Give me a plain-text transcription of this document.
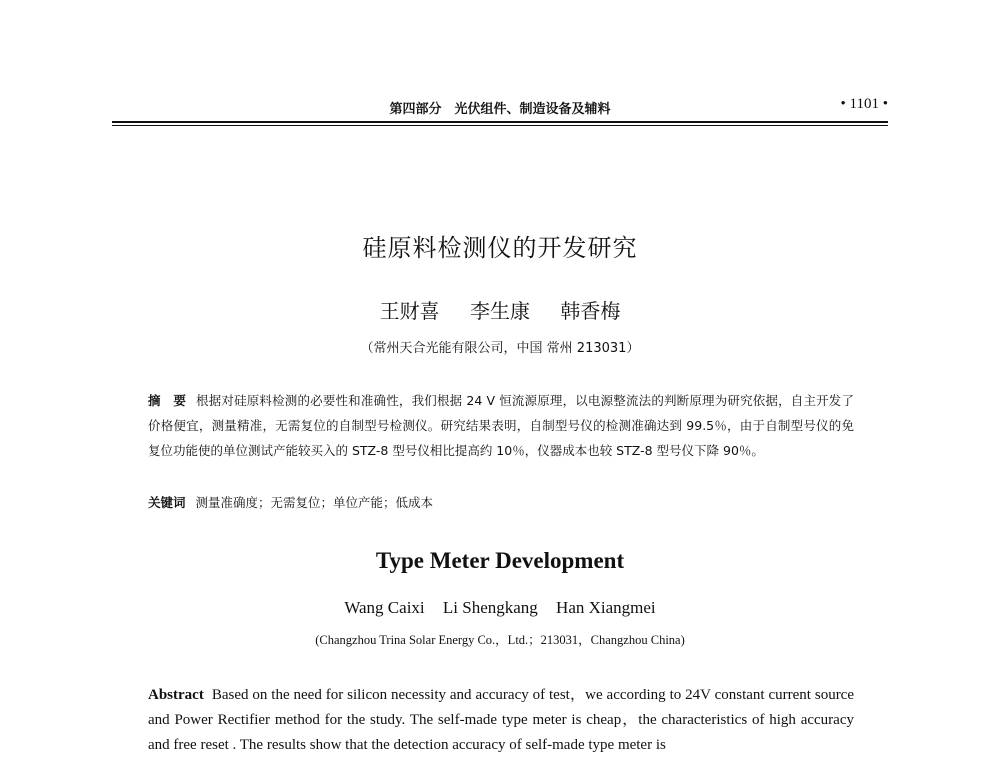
第四部分　光伏组件、制造设备及辅料	• 1101 •
硅原料检测仪的开发研究
王财喜 李生康 韩香梅
（常州天合光能有限公司，中国 常州 213031）
摘　要 根据对硅原料检测的必要性和准确性，我们根据 24 V 恒流源原理，以电源整流法的判断原理为研究依据，自主开发了价格便宜，测量精准，无需复位的自制型号检测仪。研究结果表明，自制型号仪的检测准确达到 99.5％，由于自制型号仪的免复位功能使的单位测试产能较买入的 STZ-8 型号仪相比提高约 10％，仪器成本也较 STZ-8 型号仪下降 90％。
关键词 测量准确度；无需复位；单位产能；低成本
Type Meter Development
Wang Caixi Li Shengkang Han Xiangmei
(Changzhou Trina Solar Energy Co.，Ltd.；213031，Changzhou China)
Abstract Based on the need for silicon necessity and accuracy of test，we according to 24V constant current source and Power Rectifier method for the study. The self-made type meter is cheap，the characteristics of high accuracy and free reset . The results show that the detection accuracy of self-made type meter is
